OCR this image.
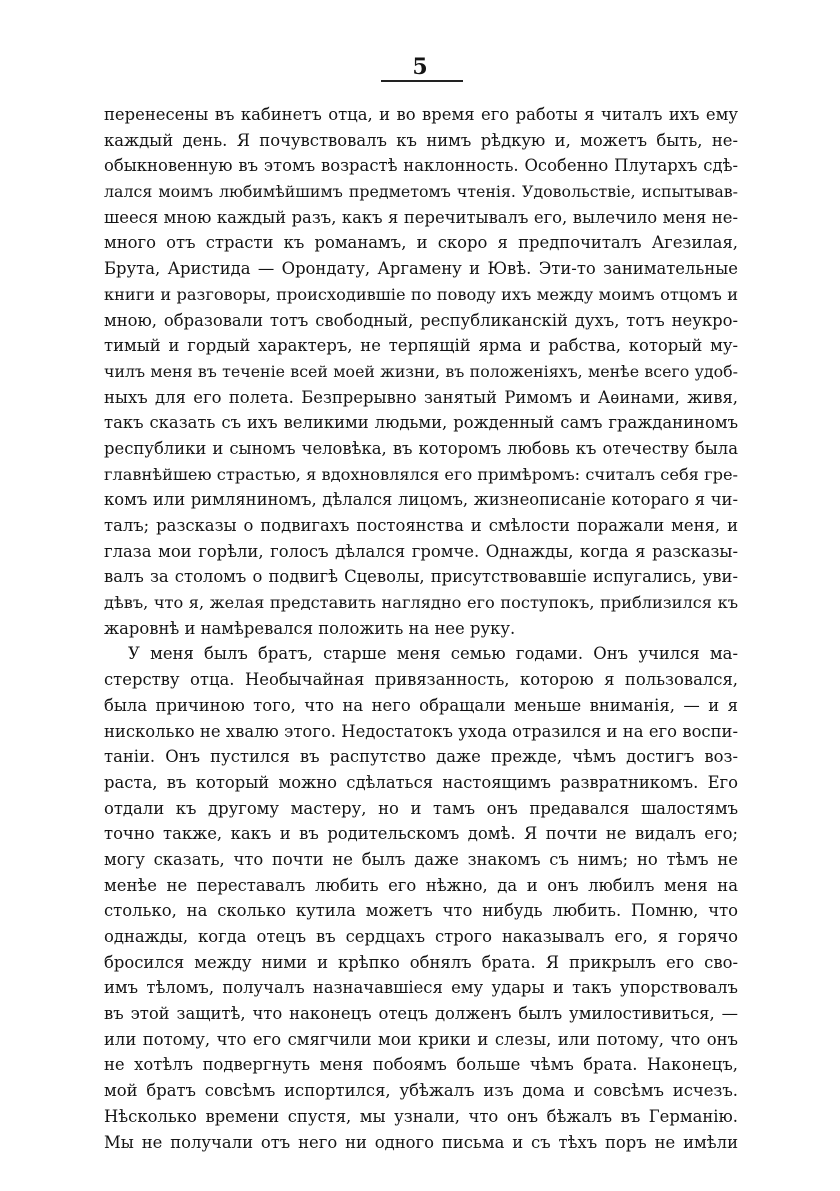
5
перенесены въ кабинетъ отца, и во время его работы я читалъ ихъ ему
каждый день. Я почувствовалъ къ нимъ рѣдкую и, можетъ быть, не-
обыкновенную въ этомъ возрастѣ наклонность. Особенно Плутархъ сдѣ-
лался моимъ любимѣйшимъ предметомъ чтенія. Удовольствіе, испытывав-
шееся мною каждый разъ, какъ я перечитывалъ его, вылечило меня не-
много отъ страсти къ романамъ, и скоро я предпочиталъ Агезилая,
Брута, Аристида — Орондату, Аргамену и Ювѣ. Эти-то занимательные
книги и разговоры, происходившіе по поводу ихъ между моимъ отцомъ и
мною, образовали тотъ свободный, республиканскій духъ, тотъ неукро-
тимый и гордый характеръ, не терпящій ярма и рабства, который му-
чилъ меня въ теченіе всей моей жизни, въ положеніяхъ, менѣе всего удоб-
ныхъ для его полета. Безпрерывно занятый Римомъ и Аѳинами, живя,
такъ сказать съ ихъ великими людьми, рожденный самъ гражданиномъ
республики и сыномъ человѣка, въ которомъ любовь къ отечеству была
главнѣйшею страстью, я вдохновлялся его примѣромъ: считалъ себя гре-
комъ или римляниномъ, дѣлался лицомъ, жизнеописаніе котораго я чи-
талъ; разсказы о подвигахъ постоянства и смѣлости поражали меня, и
глаза мои горѣли, голосъ дѣлался громче. Однажды, когда я разсказы-
валъ за столомъ о подвигѣ Сцеволы, присутствовавшіе испугались, уви-
дѣвъ, что я, желая представить наглядно его поступокъ, приблизился къ
жаровнѣ и намѣревался положить на нее руку.
У меня былъ братъ, старше меня семью годами. Онъ учился ма-
стерству отца. Необычайная привязанность, которою я пользовался,
была причиною того, что на него обращали меньше вниманія, — и я
нисколько не хвалю этого. Недостатокъ ухода отразился и на его воспи-
таніи. Онъ пустился въ распутство даже прежде, чѣмъ достигъ воз-
раста, въ который можно сдѣлаться настоящимъ развратникомъ. Его
отдали къ другому мастеру, но и тамъ онъ предавался шалостямъ
точно также, какъ и въ родительскомъ домѣ. Я почти не видалъ его;
могу сказать, что почти не былъ даже знакомъ съ нимъ; но тѣмъ не
менѣе не переставалъ любить его нѣжно, да и онъ любилъ меня на
столько, на сколько кутила можетъ что нибудь любить. Помню, что
однажды, когда отецъ въ сердцахъ строго наказывалъ его, я горячо
бросился между ними и крѣпко обнялъ брата. Я прикрылъ его сво-
имъ тѣломъ, получалъ назначавшіеся ему удары и такъ упорствовалъ
въ этой защитѣ, что наконецъ отецъ долженъ былъ умилостивиться, —
или потому, что его смягчили мои крики и слезы, или потому, что онъ
не хотѣлъ подвергнуть меня побоямъ больше чѣмъ брата. Наконецъ,
мой братъ совсѣмъ испортился, убѣжалъ изъ дома и совсѣмъ исчезъ.
Нѣсколько времени спустя, мы узнали, что онъ бѣжалъ въ Германію.
Мы не получали отъ него ни одного письма и съ тѣхъ поръ не имѣли
